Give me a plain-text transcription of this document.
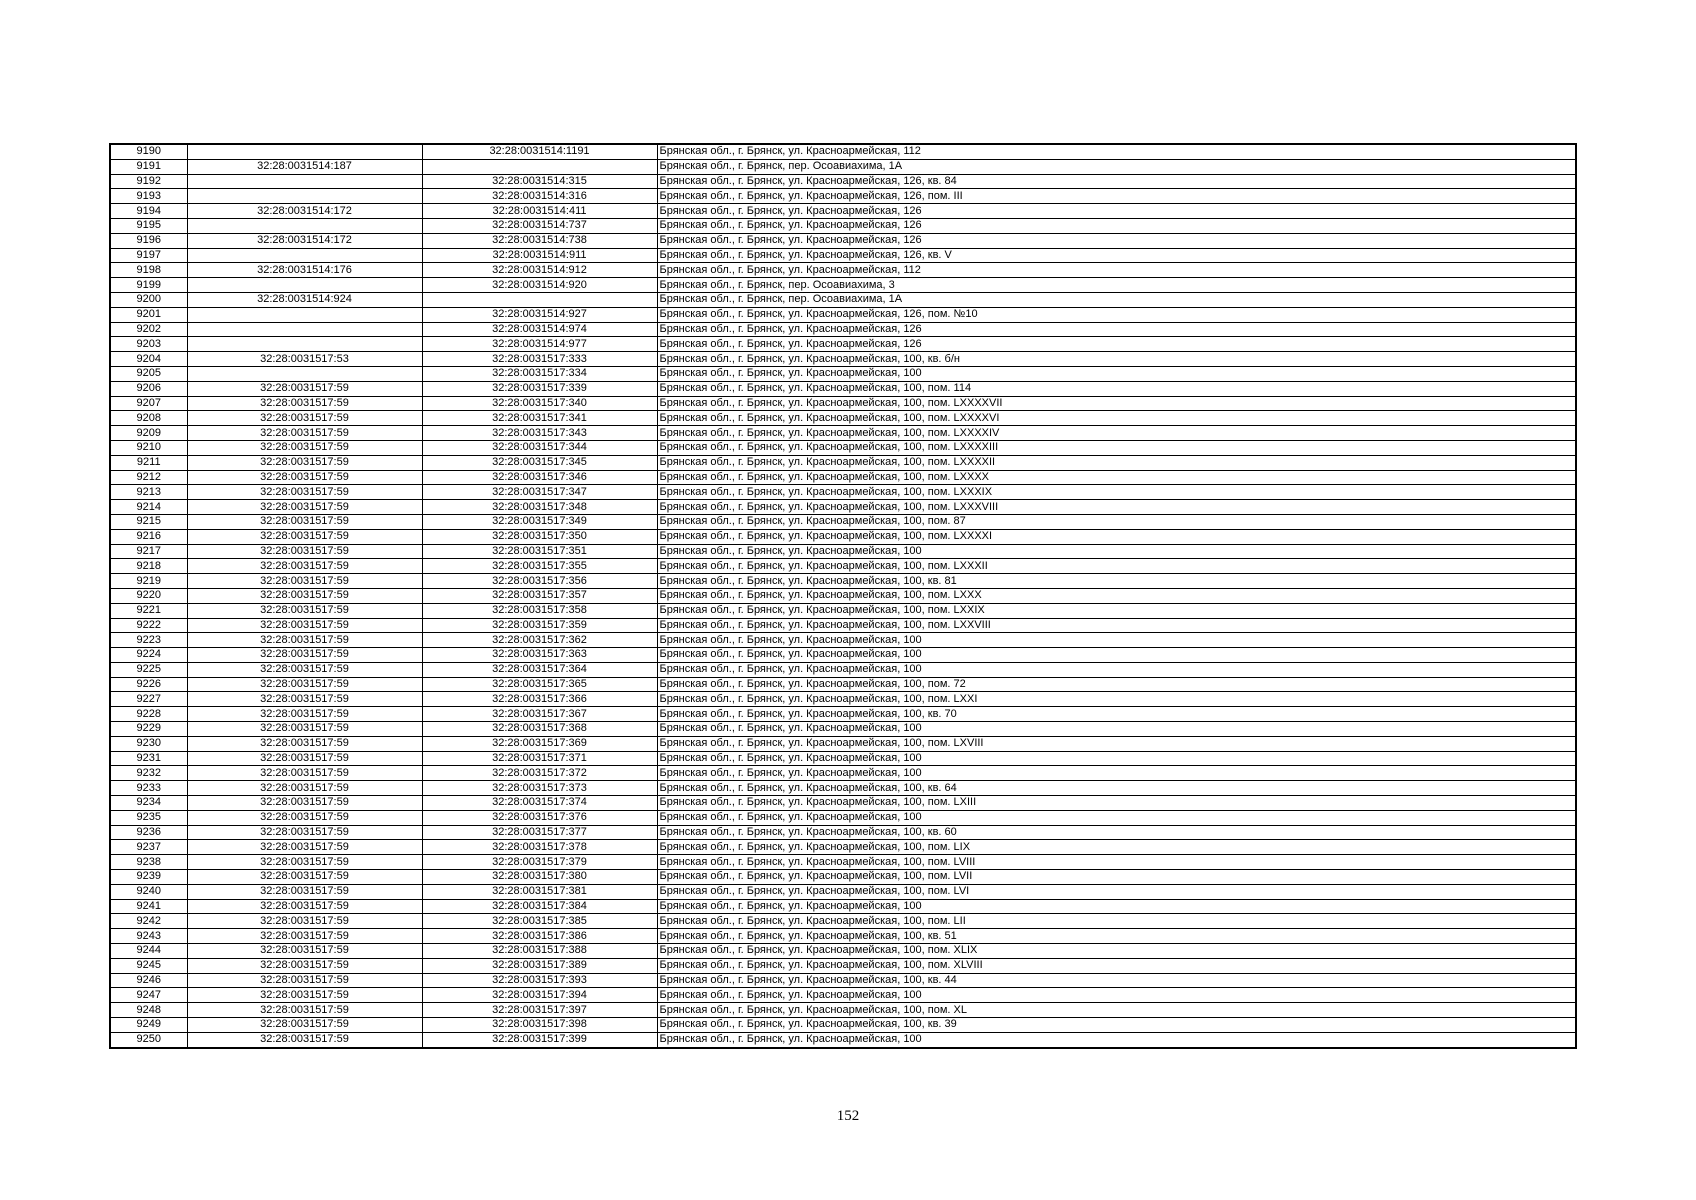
9190		32:28:0031514:1191	Брянская обл., г. Брянск, ул. Красноармейская, 112
9191	32:28:0031514:187		Брянская обл., г. Брянск, пер. Осоавиахима, 1А
9192		32:28:0031514:315	Брянская обл., г. Брянск, ул. Красноармейская, 126, кв. 84
9193		32:28:0031514:316	Брянская обл., г. Брянск, ул. Красноармейская, 126, пом. III
9194	32:28:0031514:172	32:28:0031514:411	Брянская обл., г. Брянск, ул. Красноармейская, 126
9195		32:28:0031514:737	Брянская обл., г. Брянск, ул. Красноармейская, 126
9196	32:28:0031514:172	32:28:0031514:738	Брянская обл., г. Брянск, ул. Красноармейская, 126
9197		32:28:0031514:911	Брянская обл., г. Брянск, ул. Красноармейская, 126, кв. V
9198	32:28:0031514:176	32:28:0031514:912	Брянская обл., г. Брянск, ул. Красноармейская, 112
9199		32:28:0031514:920	Брянская обл., г. Брянск, пер. Осоавиахима, 3
9200	32:28:0031514:924		Брянская обл., г. Брянск, пер. Осоавиахима, 1А
9201		32:28:0031514:927	Брянская обл., г. Брянск, ул. Красноармейская, 126, пом. №10
9202		32:28:0031514:974	Брянская обл., г. Брянск, ул. Красноармейская, 126
9203		32:28:0031514:977	Брянская обл., г. Брянск, ул. Красноармейская, 126
9204	32:28:0031517:53	32:28:0031517:333	Брянская обл., г. Брянск, ул. Красноармейская, 100, кв. б/н
9205		32:28:0031517:334	Брянская обл., г. Брянск, ул. Красноармейская, 100
9206	32:28:0031517:59	32:28:0031517:339	Брянская обл., г. Брянск, ул. Красноармейская, 100, пом. 114
9207	32:28:0031517:59	32:28:0031517:340	Брянская обл., г. Брянск, ул. Красноармейская, 100, пом. LXXXXVII
9208	32:28:0031517:59	32:28:0031517:341	Брянская обл., г. Брянск, ул. Красноармейская, 100, пом. LXXXXVI
9209	32:28:0031517:59	32:28:0031517:343	Брянская обл., г. Брянск, ул. Красноармейская, 100, пом. LXXXXIV
9210	32:28:0031517:59	32:28:0031517:344	Брянская обл., г. Брянск, ул. Красноармейская, 100, пом. LXXXXIII
9211	32:28:0031517:59	32:28:0031517:345	Брянская обл., г. Брянск, ул. Красноармейская, 100, пом. LXXXXII
9212	32:28:0031517:59	32:28:0031517:346	Брянская обл., г. Брянск, ул. Красноармейская, 100, пом. LXXXX
9213	32:28:0031517:59	32:28:0031517:347	Брянская обл., г. Брянск, ул. Красноармейская, 100, пом. LXXXIX
9214	32:28:0031517:59	32:28:0031517:348	Брянская обл., г. Брянск, ул. Красноармейская, 100, пом. LXXXVIII
9215	32:28:0031517:59	32:28:0031517:349	Брянская обл., г. Брянск, ул. Красноармейская, 100, пом. 87
9216	32:28:0031517:59	32:28:0031517:350	Брянская обл., г. Брянск, ул. Красноармейская, 100, пом. LXXXXI
9217	32:28:0031517:59	32:28:0031517:351	Брянская обл., г. Брянск, ул. Красноармейская, 100
9218	32:28:0031517:59	32:28:0031517:355	Брянская обл., г. Брянск, ул. Красноармейская, 100, пом. LXXXII
9219	32:28:0031517:59	32:28:0031517:356	Брянская обл., г. Брянск, ул. Красноармейская, 100, кв. 81
9220	32:28:0031517:59	32:28:0031517:357	Брянская обл., г. Брянск, ул. Красноармейская, 100, пом. LXXX
9221	32:28:0031517:59	32:28:0031517:358	Брянская обл., г. Брянск, ул. Красноармейская, 100, пом. LXXIX
9222	32:28:0031517:59	32:28:0031517:359	Брянская обл., г. Брянск, ул. Красноармейская, 100, пом. LXXVIII
9223	32:28:0031517:59	32:28:0031517:362	Брянская обл., г. Брянск, ул. Красноармейская, 100
9224	32:28:0031517:59	32:28:0031517:363	Брянская обл., г. Брянск, ул. Красноармейская, 100
9225	32:28:0031517:59	32:28:0031517:364	Брянская обл., г. Брянск, ул. Красноармейская, 100
9226	32:28:0031517:59	32:28:0031517:365	Брянская обл., г. Брянск, ул. Красноармейская, 100, пом. 72
9227	32:28:0031517:59	32:28:0031517:366	Брянская обл., г. Брянск, ул. Красноармейская, 100, пом. LXXI
9228	32:28:0031517:59	32:28:0031517:367	Брянская обл., г. Брянск, ул. Красноармейская, 100, кв. 70
9229	32:28:0031517:59	32:28:0031517:368	Брянская обл., г. Брянск, ул. Красноармейская, 100
9230	32:28:0031517:59	32:28:0031517:369	Брянская обл., г. Брянск, ул. Красноармейская, 100, пом. LXVIII
9231	32:28:0031517:59	32:28:0031517:371	Брянская обл., г. Брянск, ул. Красноармейская, 100
9232	32:28:0031517:59	32:28:0031517:372	Брянская обл., г. Брянск, ул. Красноармейская, 100
9233	32:28:0031517:59	32:28:0031517:373	Брянская обл., г. Брянск, ул. Красноармейская, 100, кв. 64
9234	32:28:0031517:59	32:28:0031517:374	Брянская обл., г. Брянск, ул. Красноармейская, 100, пом. LXIII
9235	32:28:0031517:59	32:28:0031517:376	Брянская обл., г. Брянск, ул. Красноармейская, 100
9236	32:28:0031517:59	32:28:0031517:377	Брянская обл., г. Брянск, ул. Красноармейская, 100, кв. 60
9237	32:28:0031517:59	32:28:0031517:378	Брянская обл., г. Брянск, ул. Красноармейская, 100, пом. LIX
9238	32:28:0031517:59	32:28:0031517:379	Брянская обл., г. Брянск, ул. Красноармейская, 100, пом. LVIII
9239	32:28:0031517:59	32:28:0031517:380	Брянская обл., г. Брянск, ул. Красноармейская, 100, пом. LVII
9240	32:28:0031517:59	32:28:0031517:381	Брянская обл., г. Брянск, ул. Красноармейская, 100, пом. LVI
9241	32:28:0031517:59	32:28:0031517:384	Брянская обл., г. Брянск, ул. Красноармейская, 100
9242	32:28:0031517:59	32:28:0031517:385	Брянская обл., г. Брянск, ул. Красноармейская, 100, пом. LII
9243	32:28:0031517:59	32:28:0031517:386	Брянская обл., г. Брянск, ул. Красноармейская, 100, кв. 51
9244	32:28:0031517:59	32:28:0031517:388	Брянская обл., г. Брянск, ул. Красноармейская, 100, пом. XLIX
9245	32:28:0031517:59	32:28:0031517:389	Брянская обл., г. Брянск, ул. Красноармейская, 100, пом. XLVIII
9246	32:28:0031517:59	32:28:0031517:393	Брянская обл., г. Брянск, ул. Красноармейская, 100, кв. 44
9247	32:28:0031517:59	32:28:0031517:394	Брянская обл., г. Брянск, ул. Красноармейская, 100
9248	32:28:0031517:59	32:28:0031517:397	Брянская обл., г. Брянск, ул. Красноармейская, 100, пом. XL
9249	32:28:0031517:59	32:28:0031517:398	Брянская обл., г. Брянск, ул. Красноармейская, 100, кв. 39
9250	32:28:0031517:59	32:28:0031517:399	Брянская обл., г. Брянск, ул. Красноармейская, 100
152
